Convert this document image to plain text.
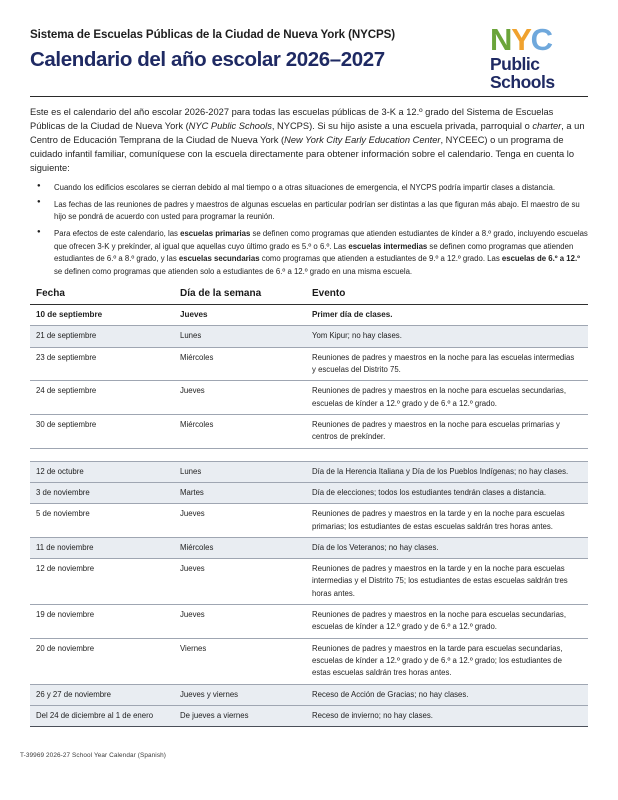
Sistema de Escuelas Públicas de la Ciudad de Nueva York (NYCPS)
Calendario del año escolar 2026–2027
NYC
Public
Schools

Este es el calendario del año escolar 2026-2027 para todas las escuelas públicas de 3-K a 12.º grado del Sistema de Escuelas Públicas de la Ciudad de Nueva York (NYC Public Schools, NYCPS). Si su hijo asiste a una escuela privada, parroquial o charter, a un Centro de Educación Temprana de la Ciudad de Nueva York (New York City Early Education Center, NYCEEC) o un programa de cuidado infantil familiar, comuníquese con la escuela directamente para obtener información sobre el calendario. Tenga en cuenta lo siguiente:

● Cuando los edificios escolares se cierran debido al mal tiempo o a otras situaciones de emergencia, el NYCPS podría impartir clases a distancia.
● Las fechas de las reuniones de padres y maestros de algunas escuelas en particular podrían ser distintas a las que figuran más abajo. El maestro de su hijo se pondrá de acuerdo con usted para programar la reunión.
● Para efectos de este calendario, las escuelas primarias se definen como programas que atienden estudiantes de kínder a 8.º grado, incluyendo escuelas que ofrecen 3-K y prekínder, al igual que aquellas cuyo último grado es 5.º o 6.º. Las escuelas intermedias se definen como programas que atienden estudiantes de 6.º a 8.º grado, y las escuelas secundarias como programas que atienden a estudiantes de 9.º a 12.º grado. Las escuelas de 6.º a 12.º se definen como programas que atienden solo a estudiantes de 6.º a 12.º grado en una misma escuela.
Fecha	Día de la semana	Evento
10 de septiembre	Jueves	Primer día de clases.
21 de septiembre	Lunes	Yom Kipur; no hay clases.
23 de septiembre	Miércoles	Reuniones de padres y maestros en la noche para las escuelas intermedias y escuelas del Distrito 75.
24 de septiembre	Jueves	Reuniones de padres y maestros en la noche para escuelas secundarias, escuelas de kínder a 12.º grado y de 6.º a 12.º grado.
30 de septiembre	Miércoles	Reuniones de padres y maestros en la noche para escuelas primarias y centros de prekínder.

12 de octubre	Lunes	Día de la Herencia Italiana y Día de los Pueblos Indígenas; no hay clases.
3 de noviembre	Martes	Día de elecciones; todos los estudiantes tendrán clases a distancia.
5 de noviembre	Jueves	Reuniones de padres y maestros en la tarde y en la noche para escuelas primarias; los estudiantes de estas escuelas saldrán tres horas antes.
11 de noviembre	Miércoles	Día de los Veteranos; no hay clases.
12 de noviembre	Jueves	Reuniones de padres y maestros en la tarde y en la noche para escuelas intermedias y el Distrito 75; los estudiantes de estas escuelas saldrán tres horas antes.
19 de noviembre	Jueves	Reuniones de padres y maestros en la noche para escuelas secundarias, escuelas de kínder a 12.º grado y de 6.º a 12.º grado.
20 de noviembre	Viernes	Reuniones de padres y maestros en la tarde para escuelas secundarias, escuelas de kínder a 12.º grado y de 6.º a 12.º grado; los estudiantes de estas escuelas saldrán tres horas antes.
26 y 27 de noviembre	Jueves y viernes	Receso de Acción de Gracias; no hay clases.
Del 24 de diciembre al 1 de enero	De jueves a viernes	Receso de invierno; no hay clases.
T-39969 2026-27 School Year Calendar (Spanish)
